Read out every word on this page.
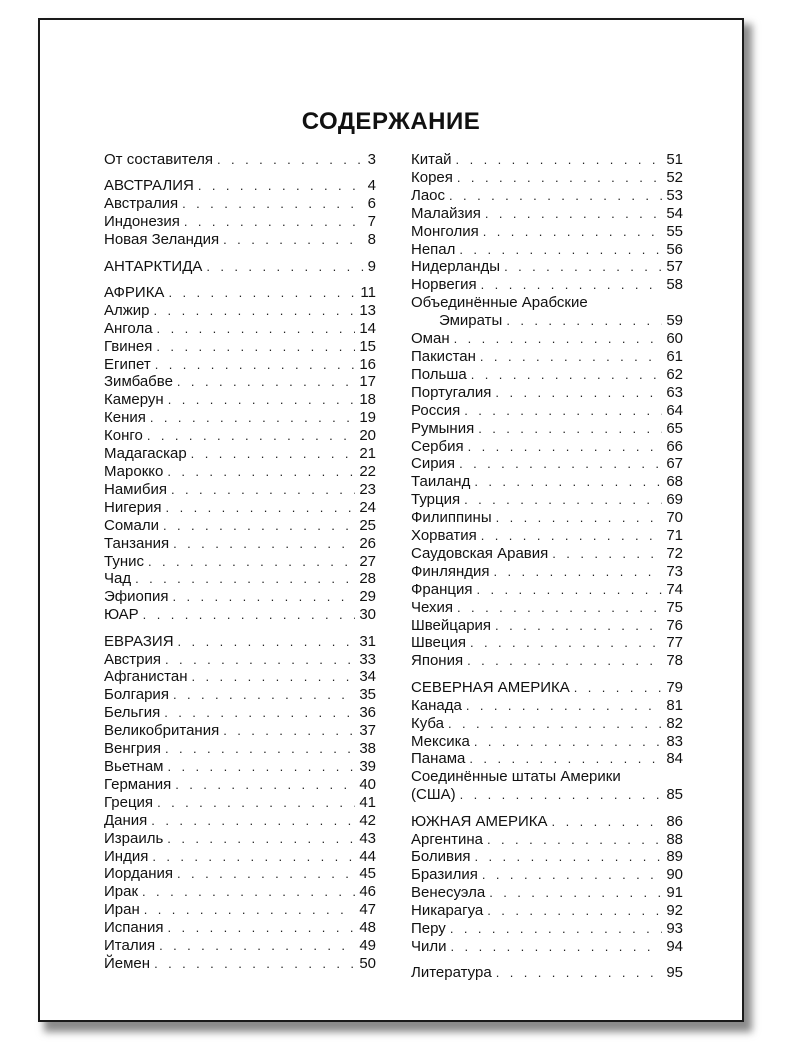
СОДЕРЖАНИЕ
От составителя . . .	3
АВСТРАЛИЯ . . .	4
Австралия . . .	6
Индонезия . . .	7
Новая Зеландия . . .	8
АНТАРКТИДА . . .	9
АФРИКА . . .	11
Алжир . . .	13
Ангола . . .	14
Гвинея . . .	15
Египет . . .	16
Зимбабве . . .	17
Камерун . . .	18
Кения . . .	19
Конго . . .	20
Мадагаскар . . .	21
Марокко . . .	22
Намибия . . .	23
Нигерия . . .	24
Сомали . . .	25
Танзания . . .	26
Тунис . . .	27
Чад . . .	28
Эфиопия . . .	29
ЮАР . . .	30
ЕВРАЗИЯ . . .	31
Австрия . . .	33
Афганистан . . .	34
Болгария . . .	35
Бельгия . . .	36
Великобритания . . .	37
Венгрия . . .	38
Вьетнам . . .	39
Германия . . .	40
Греция . . .	41
Дания . . .	42
Израиль . . .	43
Индия . . .	44
Иордания . . .	45
Ирак . . .	46
Иран . . .	47
Испания . . .	48
Италия . . .	49
Йемен . . .	50
Китай . . .	51
Корея . . .	52
Лаос . . .	53
Малайзия . . .	54
Монголия . . .	55
Непал . . .	56
Нидерланды . . .	57
Норвегия . . .	58
Объединённые Арабские
Эмираты . . .	59
Оман . . .	60
Пакистан . . .	61
Польша . . .	62
Португалия . . .	63
Россия . . .	64
Румыния . . .	65
Сербия . . .	66
Сирия . . .	67
Таиланд . . .	68
Турция . . .	69
Филиппины . . .	70
Хорватия . . .	71
Саудовская Аравия . . .	72
Финляндия . . .	73
Франция . . .	74
Чехия . . .	75
Швейцария . . .	76
Швеция . . .	77
Япония . . .	78
СЕВЕРНАЯ АМЕРИКА . . .	79
Канада . . .	81
Куба . . .	82
Мексика . . .	83
Панама . . .	84
Соединённые штаты Америки
(США) . . .	85
ЮЖНАЯ АМЕРИКА . . .	86
Аргентина . . .	88
Боливия . . .	89
Бразилия . . .	90
Венесуэла . . .	91
Никарагуа . . .	92
Перу . . .	93
Чили . . .	94
Литература . . .	95
